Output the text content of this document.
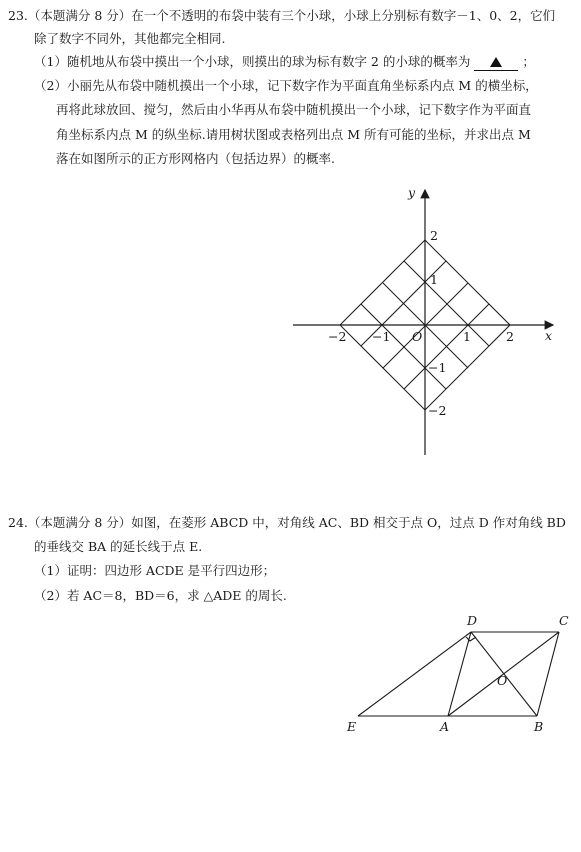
23.（本题满分 8 分）在一个不透明的布袋中装有三个小球，小球上分别标有数字－1、0、2，它们
除了数字不同外，其他都完全相同.
（1）随机地从布袋中摸出一个小球，则摸出的球为标有数字 2 的小球的概率为	；
（2）小丽先从布袋中随机摸出一个小球，记下数字作为平面直角坐标系内点 M 的横坐标，
再将此球放回、搅匀，然后由小华再从布袋中随机摸出一个小球，记下数字作为平面直
角坐标系内点 M 的纵坐标.请用树状图或表格列出点 M 所有可能的坐标，并求出点 M
落在如图所示的正方形网格内（包括边界）的概率.
x
y
O
−2 −1	1	2
2
1
−1
−2
24.（本题满分 8 分）如图，在菱形 ABCD 中，对角线 AC、BD 相交于点 O，过点 D 作对角线 BD
的垂线交 BA 的延长线于点 E.
（1）证明：四边形 ACDE 是平行四边形；
（2）若 AC＝8，BD＝6，求 △ADE 的周长.
D	C
O
E	A	B
